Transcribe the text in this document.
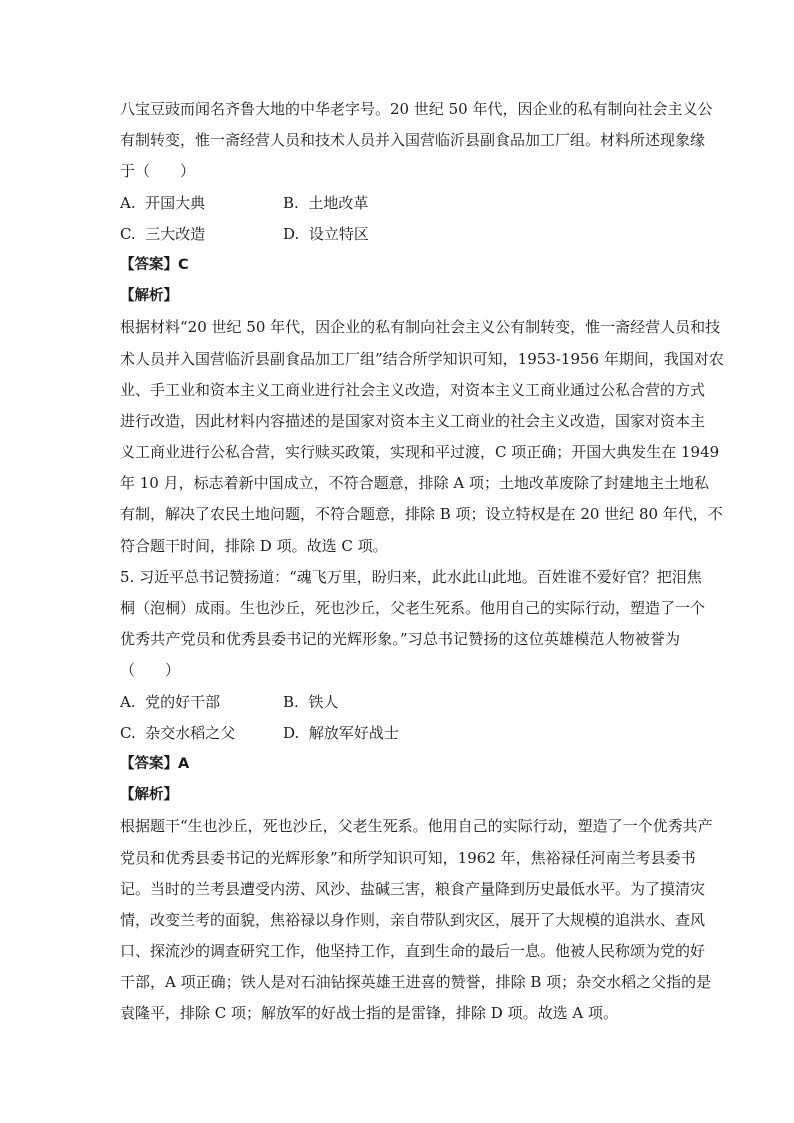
八宝豆豉而闻名齐鲁大地的中华老字号。20 世纪 50 年代，因企业的私有制向社会主义公
有制转变，惟一斋经营人员和技术人员并入国营临沂县副食品加工厂组。材料所述现象缘
于（　　）
A. 开国大典	B. 土地改革
C. 三大改造	D. 设立特区
【答案】C
【解析】
根据材料“20 世纪 50 年代，因企业的私有制向社会主义公有制转变，惟一斋经营人员和技
术人员并入国营临沂县副食品加工厂组”结合所学知识可知，1953-1956 年期间，我国对农
业、手工业和资本主义工商业进行社会主义改造，对资本主义工商业通过公私合营的方式
进行改造，因此材料内容描述的是国家对资本主义工商业的社会主义改造，国家对资本主
义工商业进行公私合营，实行赎买政策，实现和平过渡，C 项正确；开国大典发生在 1949
年 10 月，标志着新中国成立，不符合题意，排除 A 项；土地改革废除了封建地主土地私
有制，解决了农民土地问题，不符合题意，排除 B 项；设立特权是在 20 世纪 80 年代，不
符合题干时间，排除 D 项。故选 C 项。
5. 习近平总书记赞扬道：“魂飞万里，盼归来，此水此山此地。百姓谁不爱好官？把泪焦
桐（泡桐）成雨。生也沙丘，死也沙丘，父老生死系。他用自己的实际行动，塑造了一个
优秀共产党员和优秀县委书记的光辉形象。”习总书记赞扬的这位英雄模范人物被誉为
（　　）
A. 党的好干部	B. 铁人
C. 杂交水稻之父	D. 解放军好战士
【答案】A
【解析】
根据题干“生也沙丘，死也沙丘，父老生死系。他用自己的实际行动，塑造了一个优秀共产
党员和优秀县委书记的光辉形象”和所学知识可知，1962 年，焦裕禄任河南兰考县委书
记。当时的兰考县遭受内涝、风沙、盐碱三害，粮食产量降到历史最低水平。为了摸清灾
情，改变兰考的面貌，焦裕禄以身作则，亲自带队到灾区，展开了大规模的追洪水、查风
口、探流沙的调查研究工作，他坚持工作，直到生命的最后一息。他被人民称颂为党的好
干部，A 项正确；铁人是对石油钻探英雄王进喜的赞誉，排除 B 项；杂交水稻之父指的是
袁隆平，排除 C 项；解放军的好战士指的是雷锋，排除 D 项。故选 A 项。
